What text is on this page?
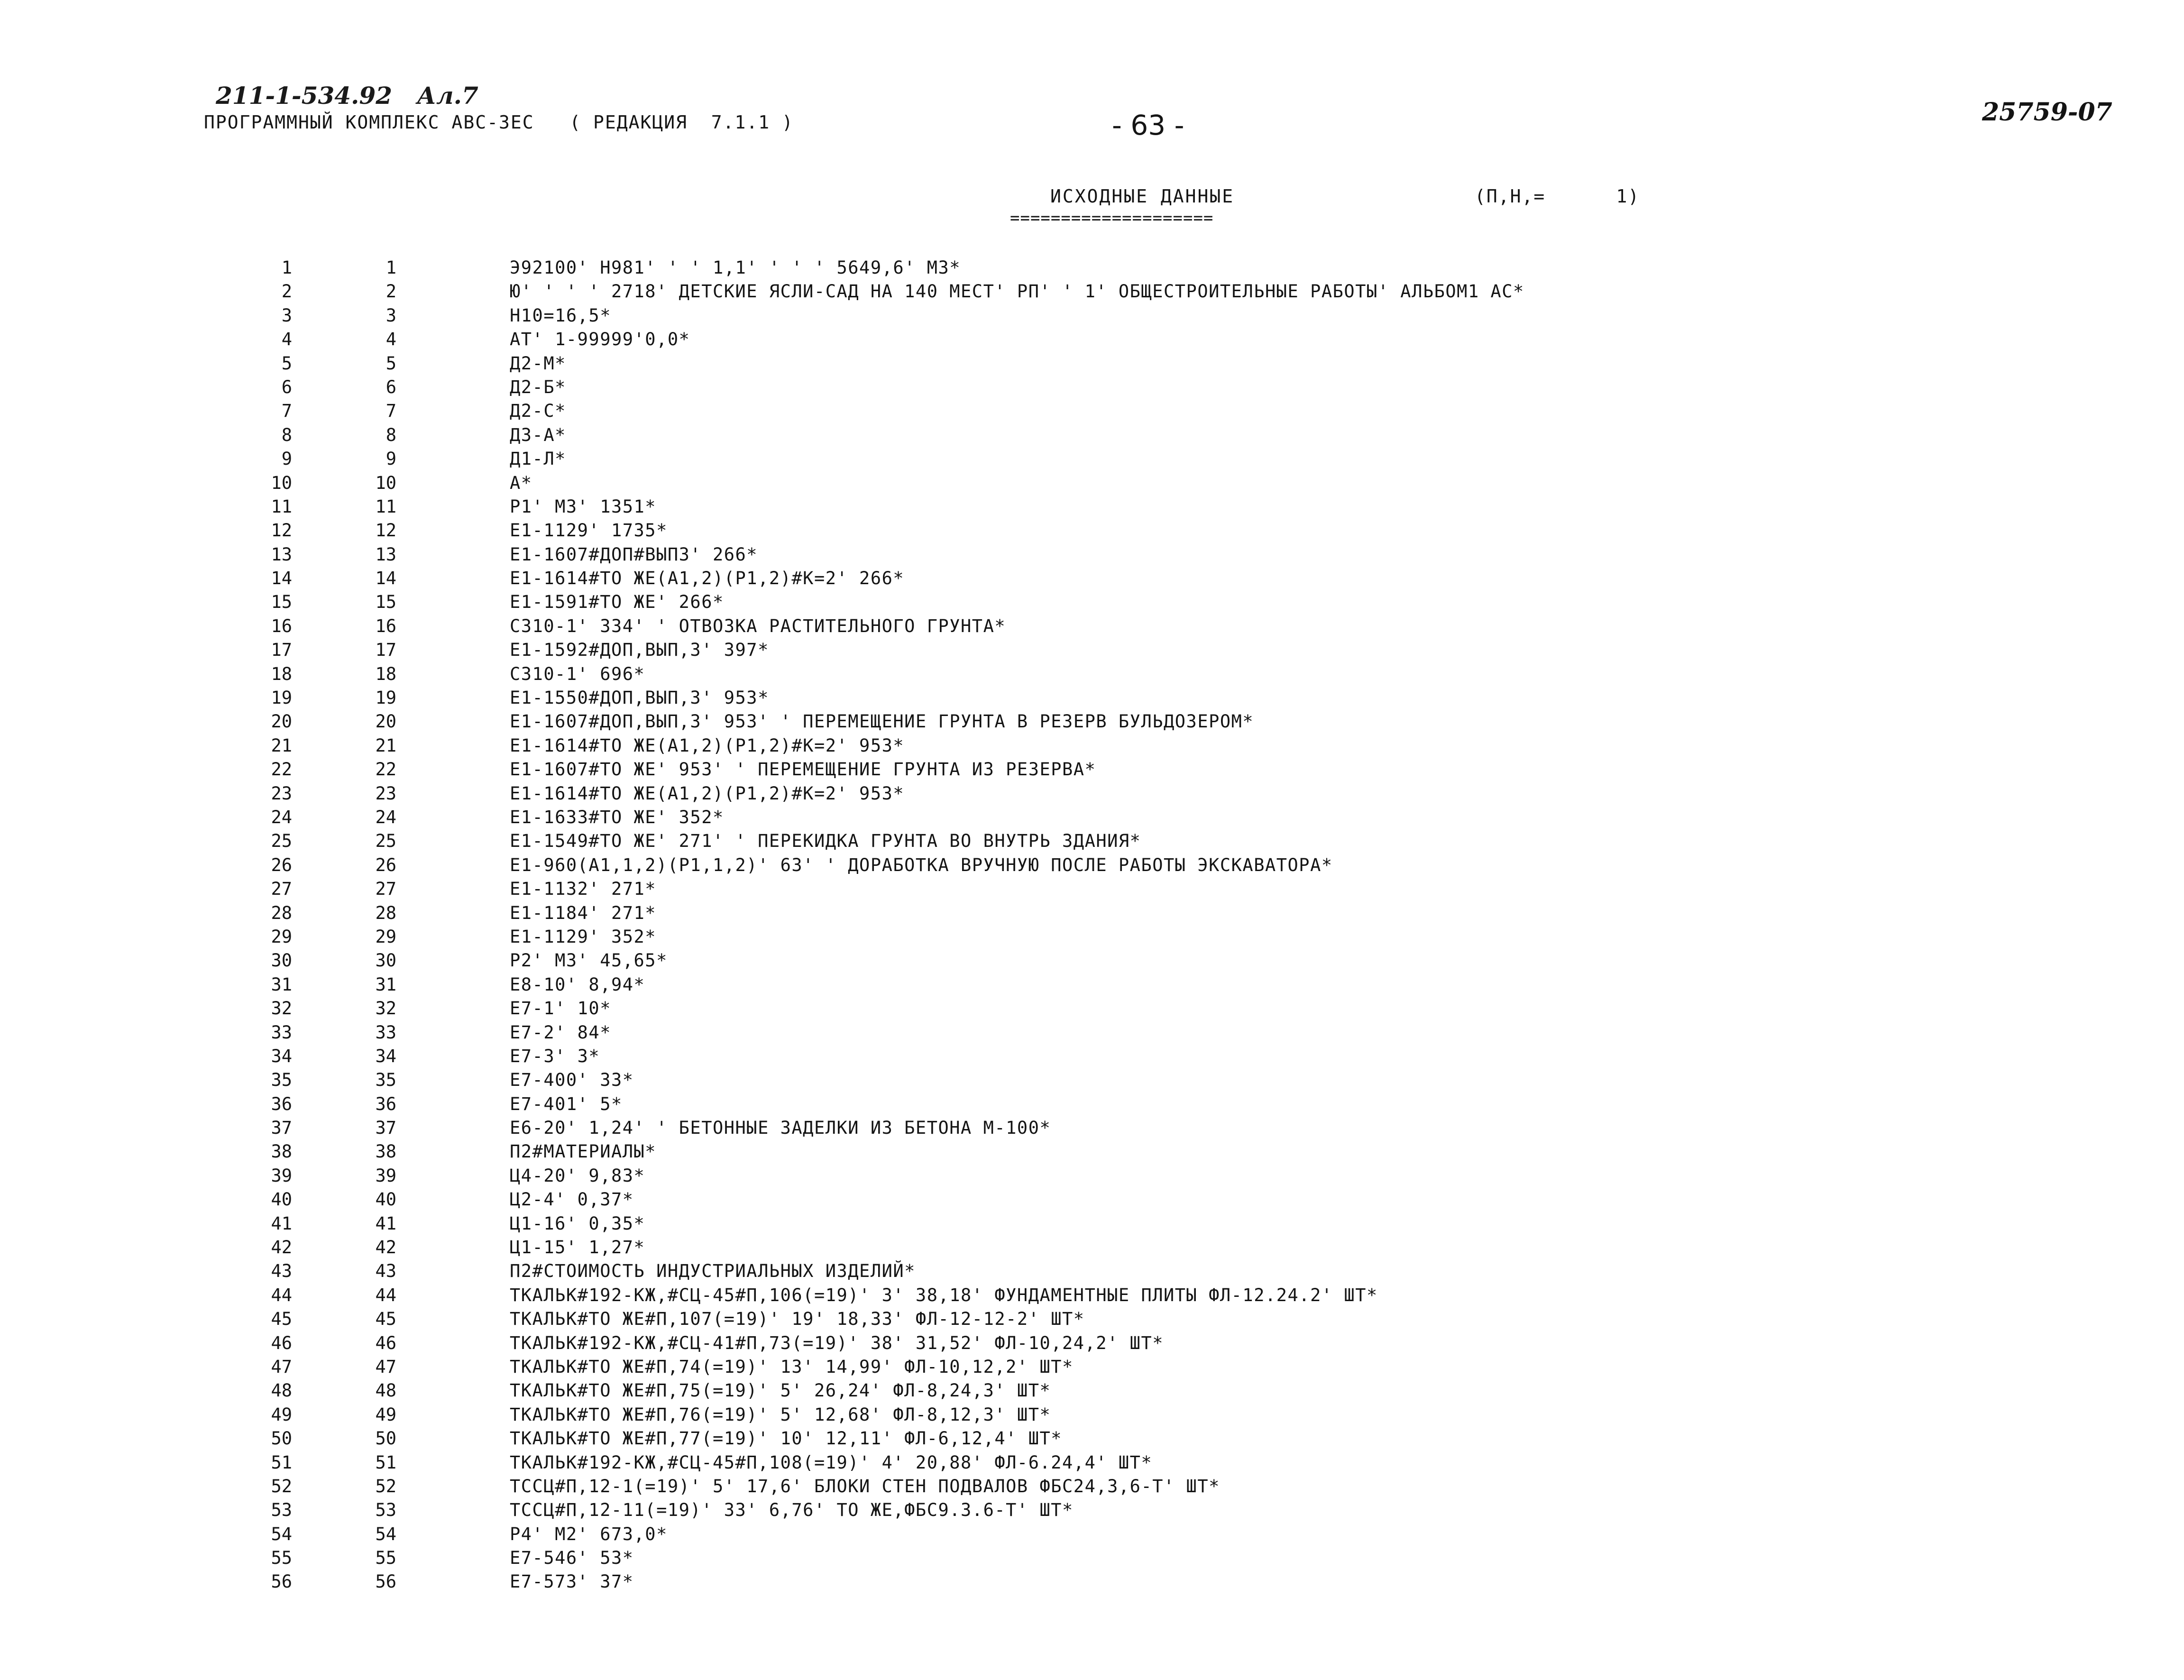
211-1-534.92   Ал.7
ПРОГРАММНЫЙ КОМПЛЕКС АВС-3ЕС   ( РЕДАКЦИЯ  7.1.1 )	- 63 -	25759-07
ИСХОДНЫЕ ДАННЫЕ	(П,Н,=      1)
====================
1	1	Э92100' Н981' ' ' 1,1' ' ' ' 5649,6' М3*
2	2	Ю' ' ' ' 2718' ДЕТСКИЕ ЯСЛИ-САД НА 140 МЕСТ' РП' ' 1' ОБЩЕСТРОИТЕЛЬНЫЕ РАБОТЫ' АЛЬБОМ1 АС*
3	3	Н10=16,5*
4	4	АТ' 1-99999'0,0*
5	5	Д2-М*
6	6	Д2-Б*
7	7	Д2-С*
8	8	Д3-А*
9	9	Д1-Л*
10	10	А*
11	11	Р1' М3' 1351*
12	12	Е1-1129' 1735*
13	13	Е1-1607#ДОП#ВЫП3' 266*
14	14	Е1-1614#ТО ЖЕ(А1,2)(Р1,2)#К=2' 266*
15	15	Е1-1591#ТО ЖЕ' 266*
16	16	С310-1' 334' ' ОТВОЗКА РАСТИТЕЛЬНОГО ГРУНТА*
17	17	Е1-1592#ДОП,ВЫП,3' 397*
18	18	С310-1' 696*
19	19	Е1-1550#ДОП,ВЫП,3' 953*
20	20	Е1-1607#ДОП,ВЫП,3' 953' ' ПЕРЕМЕЩЕНИЕ ГРУНТА В РЕЗЕРВ БУЛЬДОЗЕРОМ*
21	21	Е1-1614#ТО ЖЕ(А1,2)(Р1,2)#К=2' 953*
22	22	Е1-1607#ТО ЖЕ' 953' ' ПЕРЕМЕЩЕНИЕ ГРУНТА ИЗ РЕЗЕРВА*
23	23	Е1-1614#ТО ЖЕ(А1,2)(Р1,2)#К=2' 953*
24	24	Е1-1633#ТО ЖЕ' 352*
25	25	Е1-1549#ТО ЖЕ' 271' ' ПЕРЕКИДКА ГРУНТА ВО ВНУТРЬ ЗДАНИЯ*
26	26	Е1-960(А1,1,2)(Р1,1,2)' 63' ' ДОРАБОТКА ВРУЧНУЮ ПОСЛЕ РАБОТЫ ЭКСКАВАТОРА*
27	27	Е1-1132' 271*
28	28	Е1-1184' 271*
29	29	Е1-1129' 352*
30	30	Р2' М3' 45,65*
31	31	Е8-10' 8,94*
32	32	Е7-1' 10*
33	33	Е7-2' 84*
34	34	Е7-3' 3*
35	35	Е7-400' 33*
36	36	Е7-401' 5*
37	37	Е6-20' 1,24' ' БЕТОННЫЕ ЗАДЕЛКИ ИЗ БЕТОНА М-100*
38	38	П2#МАТЕРИАЛЫ*
39	39	Ц4-20' 9,83*
40	40	Ц2-4' 0,37*
41	41	Ц1-16' 0,35*
42	42	Ц1-15' 1,27*
43	43	П2#СТОИМОСТЬ ИНДУСТРИАЛЬНЫХ ИЗДЕЛИЙ*
44	44	ТКАЛЬК#192-КЖ,#СЦ-45#П,106(=19)' 3' 38,18' ФУНДАМЕНТНЫЕ ПЛИТЫ ФЛ-12.24.2' ШТ*
45	45	ТКАЛЬК#ТО ЖЕ#П,107(=19)' 19' 18,33' ФЛ-12-12-2' ШТ*
46	46	ТКАЛЬК#192-КЖ,#СЦ-41#П,73(=19)' 38' 31,52' ФЛ-10,24,2' ШТ*
47	47	ТКАЛЬК#ТО ЖЕ#П,74(=19)' 13' 14,99' ФЛ-10,12,2' ШТ*
48	48	ТКАЛЬК#ТО ЖЕ#П,75(=19)' 5' 26,24' ФЛ-8,24,3' ШТ*
49	49	ТКАЛЬК#ТО ЖЕ#П,76(=19)' 5' 12,68' ФЛ-8,12,3' ШТ*
50	50	ТКАЛЬК#ТО ЖЕ#П,77(=19)' 10' 12,11' ФЛ-6,12,4' ШТ*
51	51	ТКАЛЬК#192-КЖ,#СЦ-45#П,108(=19)' 4' 20,88' ФЛ-6.24,4' ШТ*
52	52	ТССЦ#П,12-1(=19)' 5' 17,6' БЛОКИ СТЕН ПОДВАЛОВ ФБС24,3,6-Т' ШТ*
53	53	ТССЦ#П,12-11(=19)' 33' 6,76' ТО ЖЕ,ФБС9.3.6-Т' ШТ*
54	54	Р4' М2' 673,0*
55	55	Е7-546' 53*
56	56	Е7-573' 37*
